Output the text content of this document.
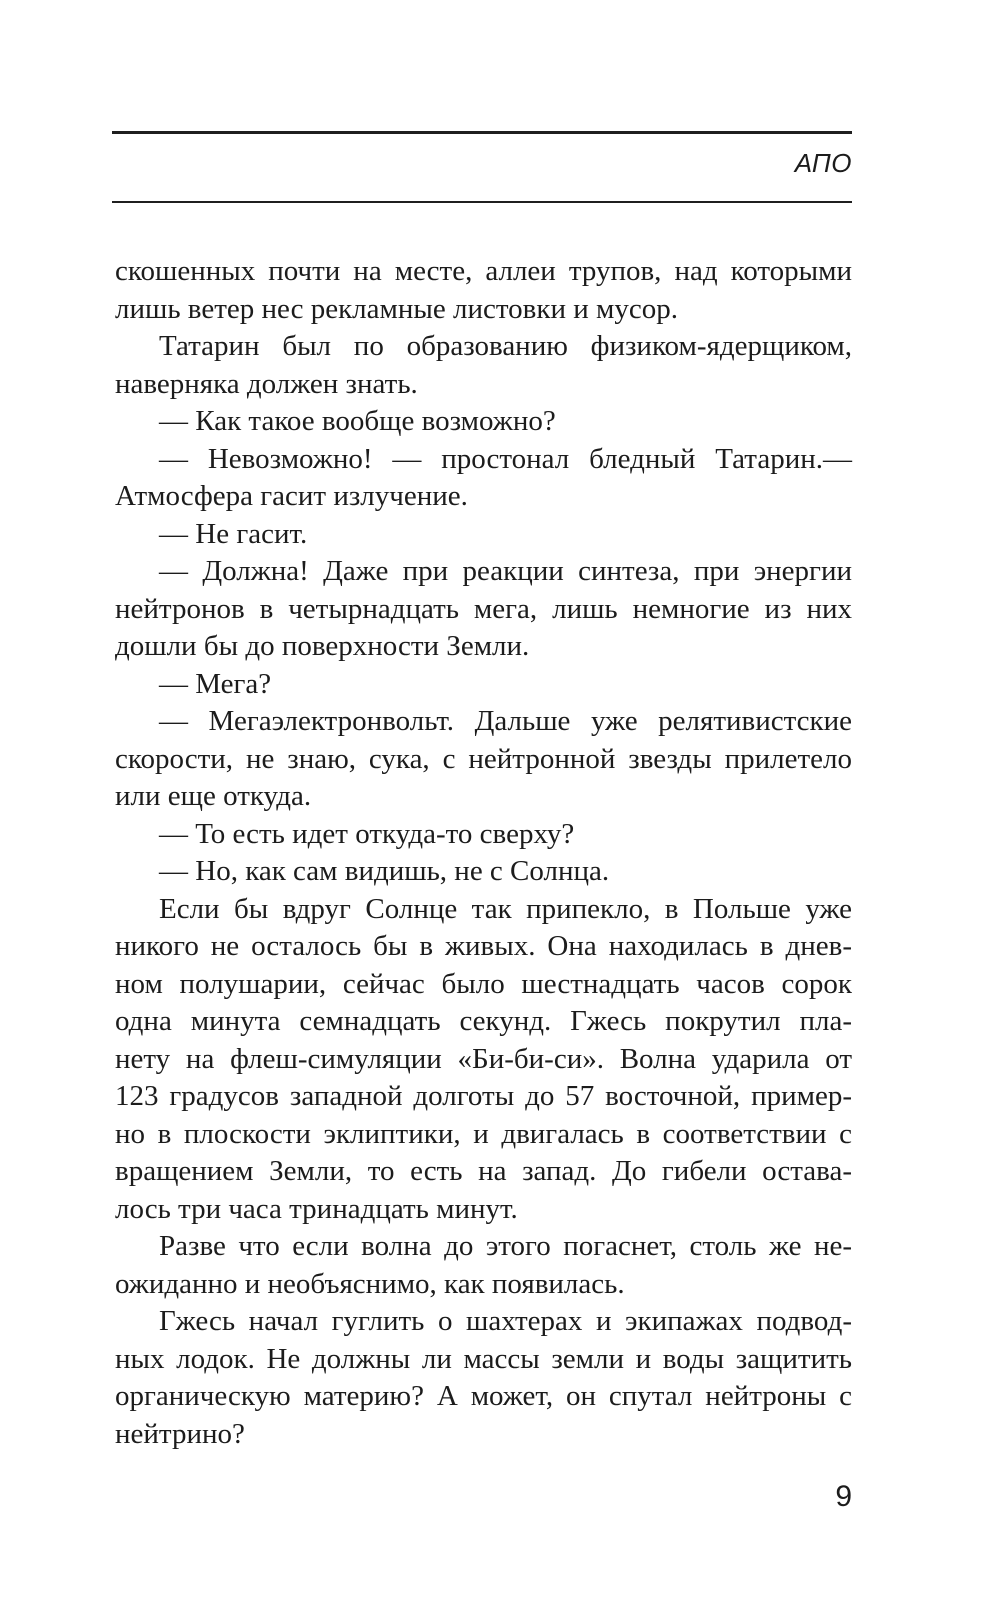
АПО
скошенных почти на месте, аллеи трупов, над которыми
лишь ветер нес рекламные листовки и мусор.
Татарин был по образованию физиком-ядерщиком,
наверняка должен знать.
— Как такое вообще возможно?
— Невозможно! — простонал бледный Татарин.—
Атмосфера гасит излучение.
— Не гасит.
— Должна! Даже при реакции синтеза, при энергии
нейтронов в четырнадцать мега, лишь немногие из них
дошли бы до поверхности Земли.
— Мега?
— Мегаэлектронвольт. Дальше уже релятивистские
скорости, не знаю, сука, с нейтронной звезды прилетело
или еще откуда.
— То есть идет откуда-то сверху?
— Но, как сам видишь, не с Солнца.
Если бы вдруг Солнце так припекло, в Польше уже
никого не осталось бы в живых. Она находилась в днев-
ном полушарии, сейчас было шестнадцать часов сорок
одна минута семнадцать секунд. Гжесь покрутил пла-
нету на флеш-симуляции «Би-би-си». Волна ударила от
123 градусов западной долготы до 57 восточной, пример-
но в плоскости эклиптики, и двигалась в соответствии с
вращением Земли, то есть на запад. До гибели остава-
лось три часа тринадцать минут.
Разве что если волна до этого погаснет, столь же не-
ожиданно и необъяснимо, как появилась.
Гжесь начал гуглить о шахтерах и экипажах подвод-
ных лодок. Не должны ли массы земли и воды защитить
органическую материю? А может, он спутал нейтроны с
нейтрино?
9
